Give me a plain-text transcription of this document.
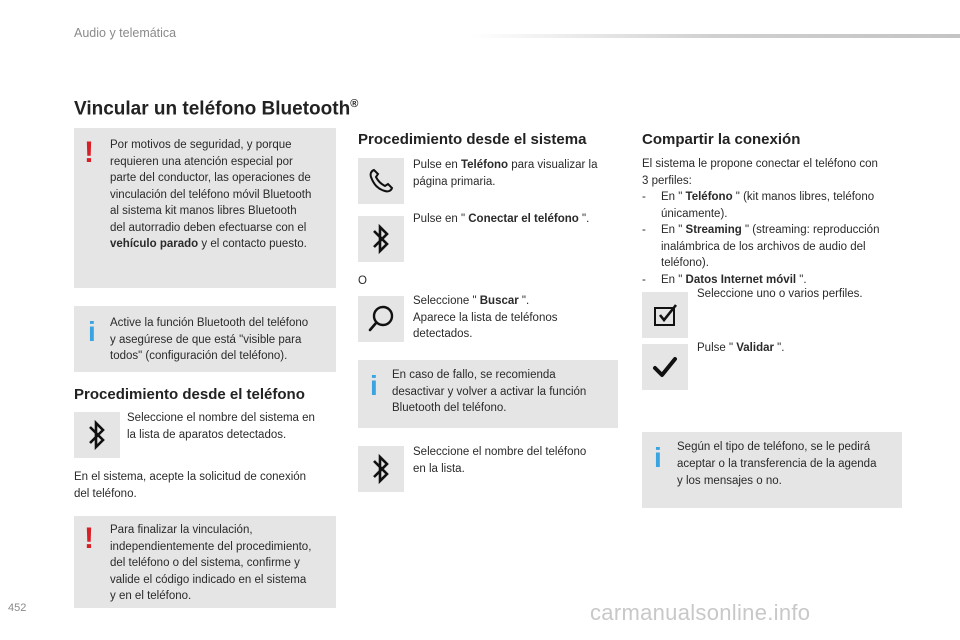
Audio y telemática
Vincular un teléfono Bluetooth®
! Por motivos de seguridad, y porque
requieren una atención especial por
parte del conductor, las operaciones de
vinculación del teléfono móvil Bluetooth
al sistema kit manos libres Bluetooth
del autorradio deben efectuarse con el
vehículo parado y el contacto puesto.
i Active la función Bluetooth del teléfono
y asegúrese de que está "visible para
todos" (configuración del teléfono).
Procedimiento desde el teléfono
Seleccione el nombre del sistema en
la lista de aparatos detectados.
En el sistema, acepte la solicitud de conexión
del teléfono.
! Para finalizar la vinculación,
independientemente del procedimiento,
del teléfono o del sistema, confirme y
valide el código indicado en el sistema
y en el teléfono.
Procedimiento desde el sistema
Pulse en Teléfono para visualizar la
página primaria.
Pulse en " Conectar el teléfono ".
O
Seleccione " Buscar ".
Aparece la lista de teléfonos
detectados.
i En caso de fallo, se recomienda
desactivar y volver a activar la función
Bluetooth del teléfono.
Seleccione el nombre del teléfono
en la lista.
Compartir la conexión
El sistema le propone conectar el teléfono con
3 perfiles:
-	En " Teléfono " (kit manos libres, teléfono
únicamente).
-	En " Streaming " (streaming: reproducción
inalámbrica de los archivos de audio del
teléfono).
-	En " Datos Internet móvil ".
Seleccione uno o varios perfiles.
Pulse " Validar ".
i Según el tipo de teléfono, se le pedirá
aceptar o la transferencia de la agenda
y los mensajes o no.
452	carmanualsonline.info
